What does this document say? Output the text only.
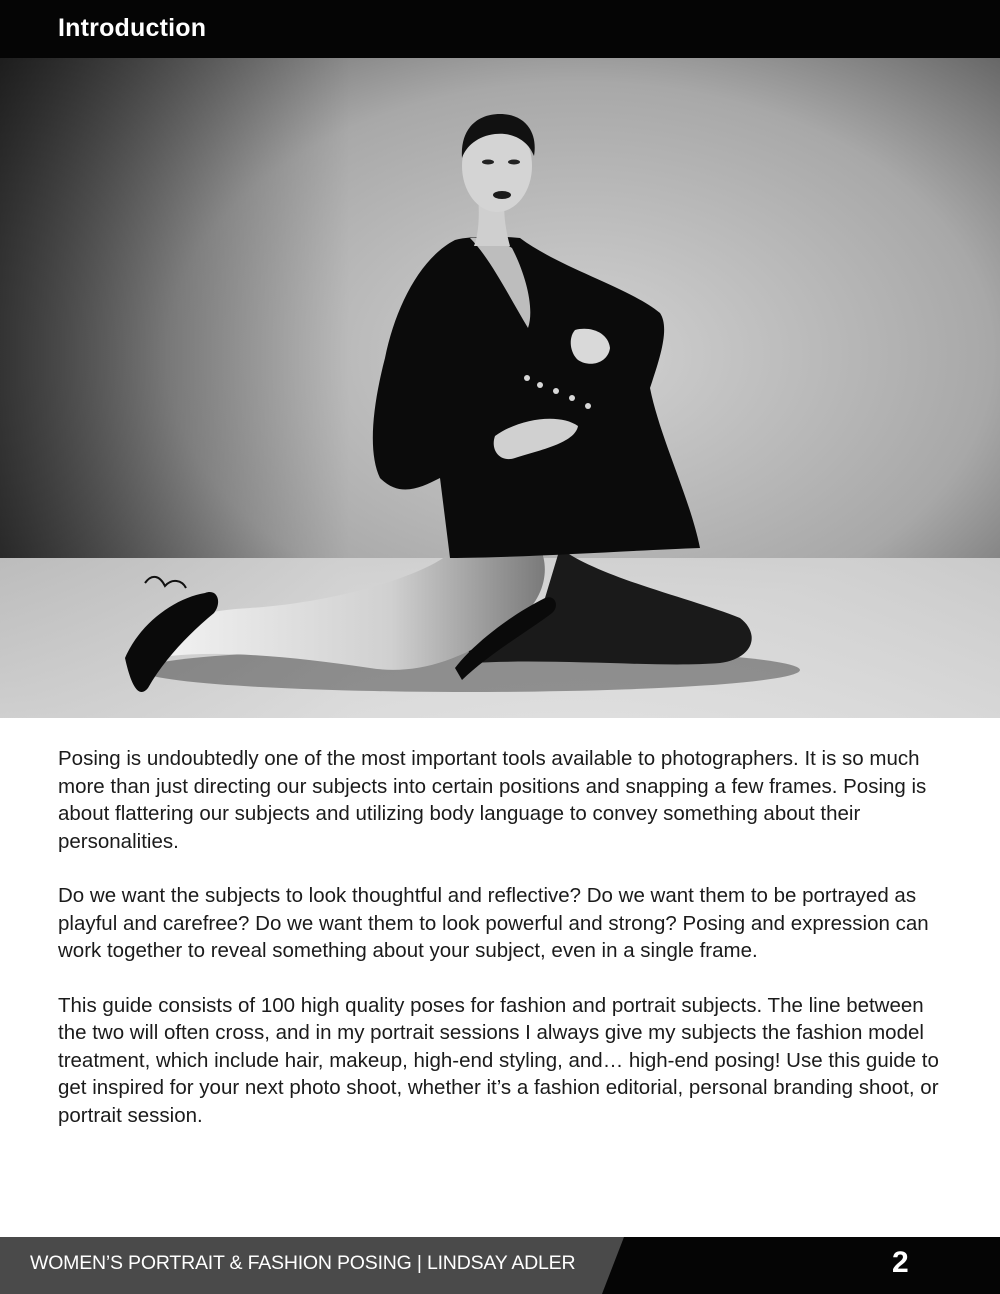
Introduction

Posing is undoubtedly one of the most important tools available to photographers. It is so much more than just directing our subjects into certain positions and snapping a few frames. Posing is about flattering our subjects and utilizing body language to convey something about their personalities.

Do we want the subjects to look thoughtful and reflective? Do we want them to be portrayed as playful and carefree? Do we want them to look powerful and strong? Posing and expression can work together to reveal something about your subject, even in a single frame.

This guide consists of 100 high quality poses for fashion and portrait subjects. The line between the two will often cross, and in my portrait sessions I always give my subjects the fashion model treatment, which include hair, makeup, high-end styling, and… high-end posing! Use this guide to get inspired for your next photo shoot, whether it’s a fashion editorial, personal branding shoot, or portrait session.

WOMEN’S PORTRAIT & FASHION POSING | LINDSAY ADLER	2
